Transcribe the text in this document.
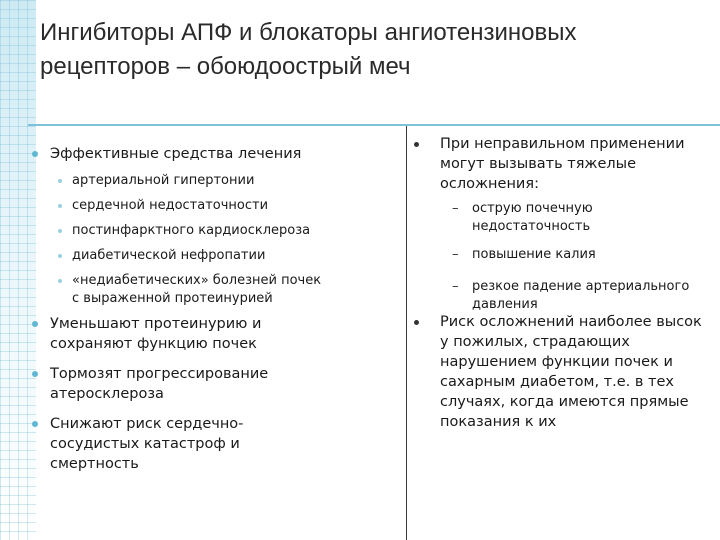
Ингибиторы АПФ и блокаторы ангиотензиновых рецепторов – обоюдоострый меч
Эффективные средства лечения
артериальной гипертонии
сердечной недостаточности
постинфарктного кардиосклероза
диабетической нефропатии
«недиабетических» болезней почек
с выраженной протеинурией
Уменьшают протеинурию и
сохраняют функцию почек
Тормозят прогрессирование
атеросклероза
Снижают риск сердечно-
сосудистых катастроф и
смертность
При неправильном применении
могут вызывать тяжелые
осложнения:
– острую почечную
недостаточность
– повышение калия
– резкое падение артериального
давления
Риск осложнений наиболее высок
у пожилых, страдающих
нарушением функции почек и
сахарным диабетом, т.е. в тех
случаях, когда имеются прямые
показания к их
